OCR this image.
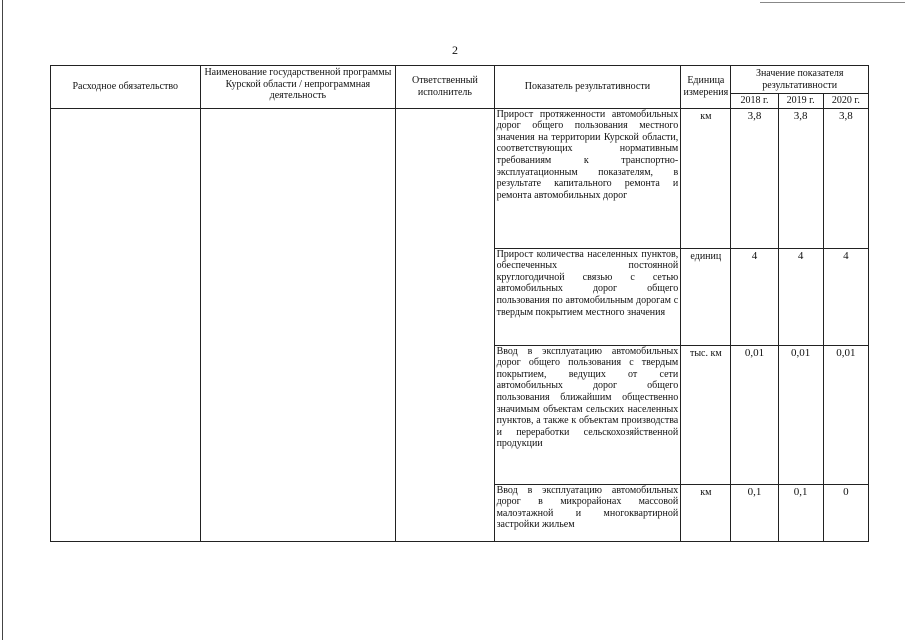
2
Расходное обязательство	Наименование государственной программы Курской области / непрограммная деятельность	Ответственный исполнитель	Показатель результативности	Единица измерения	Значение показателя результативности		
					2018 г.	2019 г.	2020 г.
			Прирост протяженности автомобильных дорог общего пользования местного значения на территории Курской области, соответствующих нормативным требованиям к транспортно-эксплуатационным показателям, в результате капитального ремонта и ремонта автомобильных дорог	км	3,8	3,8	3,8
			Прирост количества населенных пунктов, обеспеченных постоянной круглогодичной связью с сетью автомобильных дорог общего пользования по автомобильным дорогам с твердым покрытием местного значения	единиц	4	4	4
			Ввод в эксплуатацию автомобильных дорог общего пользования с твердым покрытием, ведущих от сети автомобильных дорог общего пользования ближайшим общественно значимым объектам сельских населенных пунктов, а также к объектам производства и переработки сельскохозяйственной продукции	тыс. км	0,01	0,01	0,01
			Ввод в эксплуатацию автомобильных дорог в микрорайонах массовой малоэтажной и многоквартирной застройки жильем	км	0,1	0,1	0
